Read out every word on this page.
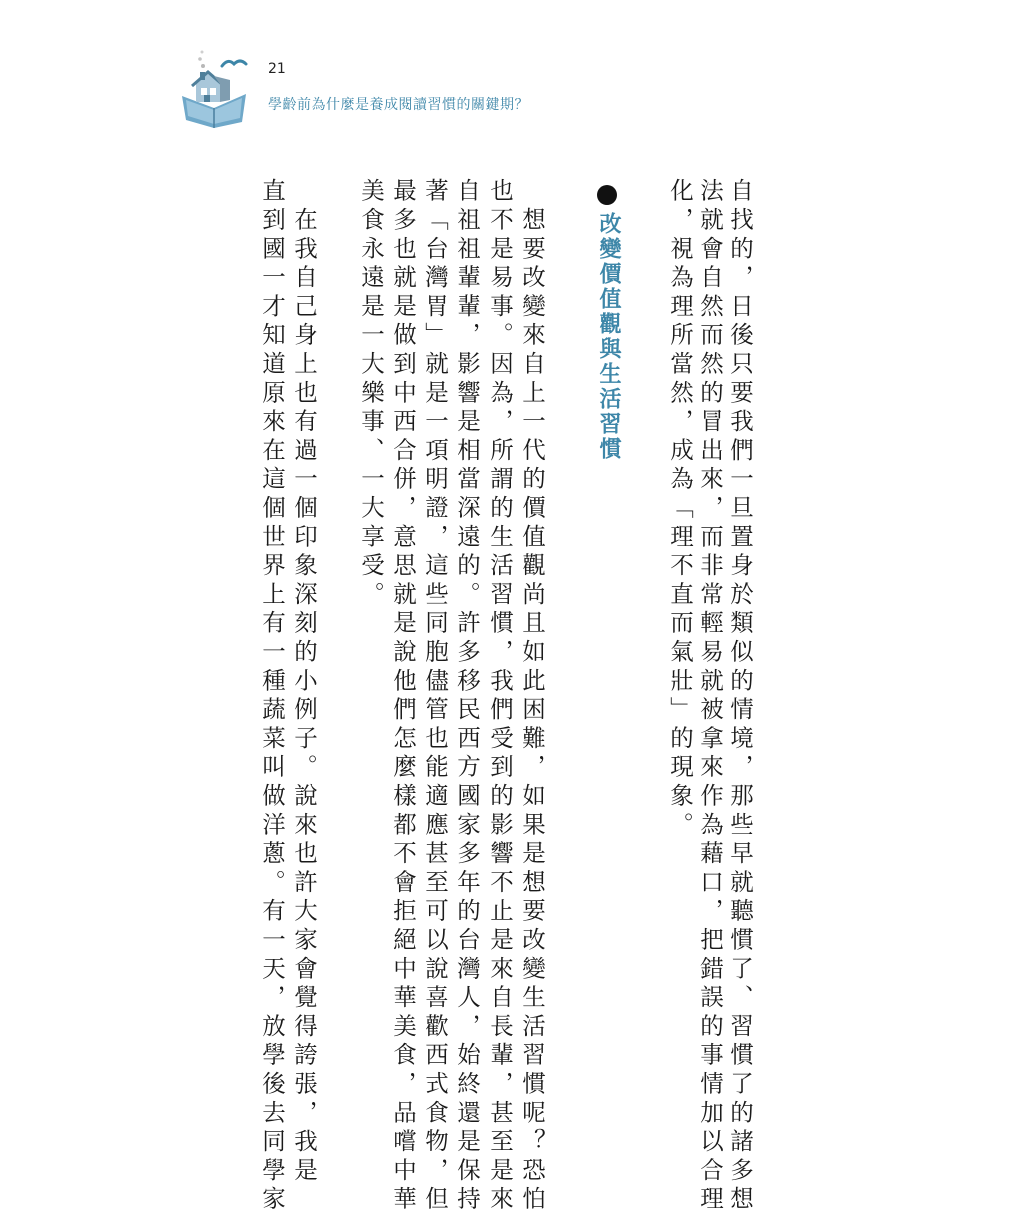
21
學齡前為什麼是養成閱讀習慣的關鍵期？
自找的，日後只要我們一旦置身於類似的情境，那些早就聽慣了、習慣了的諸多想
法就會自然而然的冒出來，而非常輕易就被拿來作為藉口，把錯誤的事情加以合理
化，視為理所當然，成為「理不直而氣壯」的現象。
改變價值觀與生活習慣
　想要改變來自上一代的價值觀尚且如此困難，如果是想要改變生活習慣呢？恐怕
也不是易事。因為，所謂的生活習慣，我們受到的影響不止是來自長輩，甚至是來
自祖祖輩輩，影響是相當深遠的。許多移民西方國家多年的台灣人，始終還是保持
著「台灣胃」就是一項明證，這些同胞儘管也能適應甚至可以說喜歡西式食物，但
最多也就是做到中西合併，意思就是說他們怎麼樣都不會拒絕中華美食，品嚐中華
美食永遠是一大樂事、一大享受。
　在我自己身上也有過一個印象深刻的小例子。說來也許大家會覺得誇張，我是
直到國一才知道原來在這個世界上有一種蔬菜叫做洋蔥。有一天，放學後去同學家
